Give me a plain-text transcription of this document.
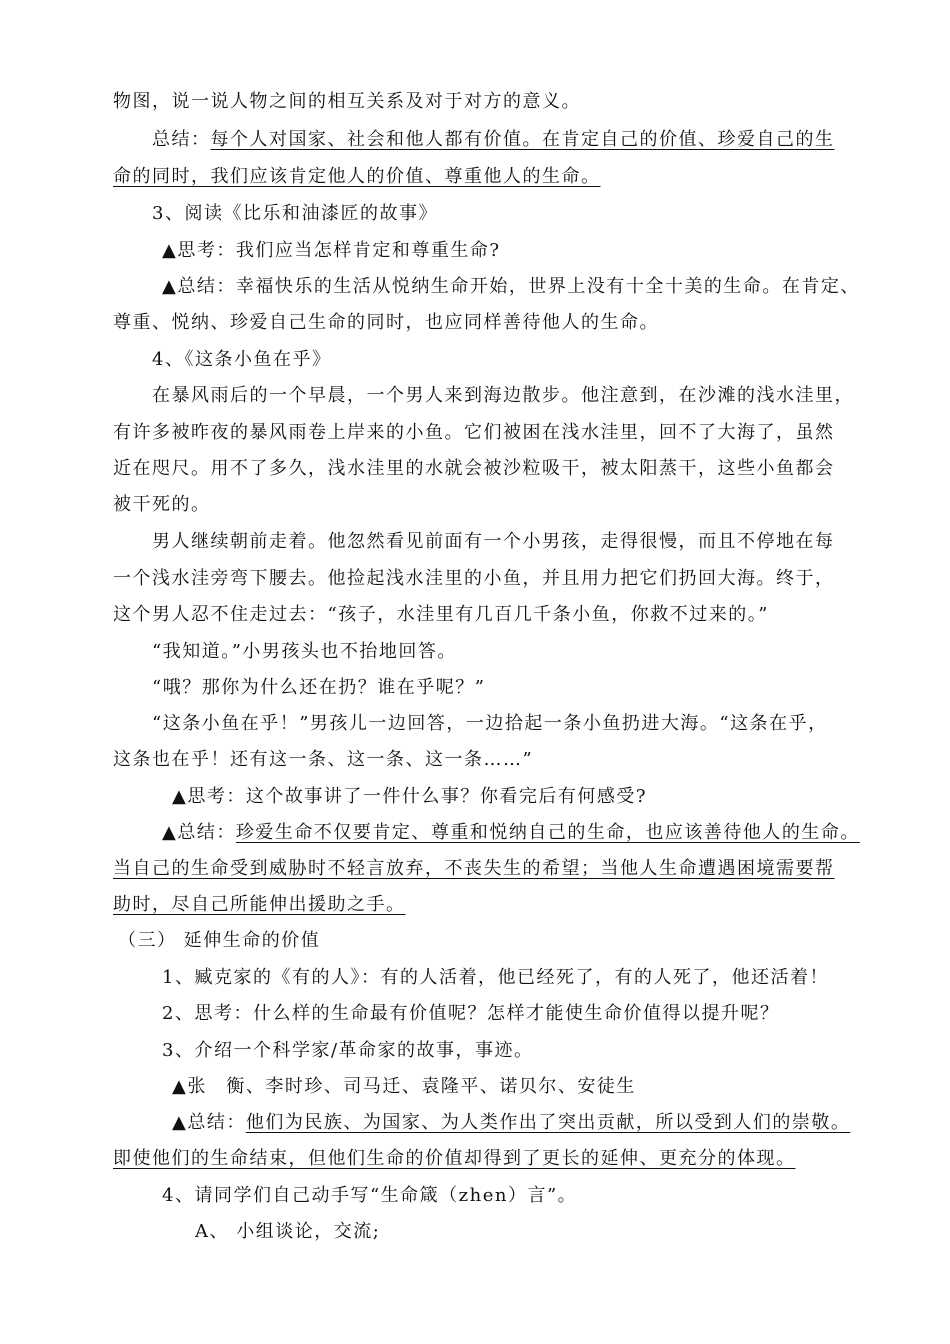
物图，说一说人物之间的相互关系及对于对方的意义。
总结：每个人对国家、社会和他人都有价值。在肯定自己的价值、珍爱自己的生
命的同时，我们应该肯定他人的价值、尊重他人的生命。
3、阅读《比乐和油漆匠的故事》
▲思考：我们应当怎样肯定和尊重生命?
▲总结：幸福快乐的生活从悦纳生命开始，世界上没有十全十美的生命。在肯定、
尊重、悦纳、珍爱自己生命的同时，也应同样善待他人的生命。
4、《这条小鱼在乎》
在暴风雨后的一个早晨，一个男人来到海边散步。他注意到，在沙滩的浅水洼里，
有许多被昨夜的暴风雨卷上岸来的小鱼。它们被困在浅水洼里，回不了大海了，虽然
近在咫尺。用不了多久，浅水洼里的水就会被沙粒吸干，被太阳蒸干，这些小鱼都会
被干死的。
男人继续朝前走着。他忽然看见前面有一个小男孩，走得很慢，而且不停地在每
一个浅水洼旁弯下腰去。他捡起浅水洼里的小鱼，并且用力把它们扔回大海。终于，
这个男人忍不住走过去：“孩子，水洼里有几百几千条小鱼，你救不过来的。”
“我知道。”小男孩头也不抬地回答。
“哦？那你为什么还在扔？谁在乎呢？”
“这条小鱼在乎！”男孩儿一边回答，一边拾起一条小鱼扔进大海。“这条在乎，
这条也在乎！还有这一条、这一条、这一条……”
▲思考：这个故事讲了一件什么事？你看完后有何感受?
▲总结：珍爱生命不仅要肯定、尊重和悦纳自己的生命，也应该善待他人的生命。
当自己的生命受到威胁时不轻言放弃，不丧失生的希望；当他人生命遭遇困境需要帮
助时，尽自己所能伸出援助之手。
（三） 延伸生命的价值
1、臧克家的《有的人》：有的人活着，他已经死了，有的人死了，他还活着！
2、思考：什么样的生命最有价值呢？怎样才能使生命价值得以提升呢？
3、介绍一个科学家/革命家的故事，事迹。
▲张　衡、李时珍、司马迁、袁隆平、诺贝尔、安徒生
▲总结：他们为民族、为国家、为人类作出了突出贡献，所以受到人们的崇敬。
即使他们的生命结束，但他们生命的价值却得到了更长的延伸、更充分的体现。
4、请同学们自己动手写“生命箴（zhen）言”。
A、 小组谈论，交流;
